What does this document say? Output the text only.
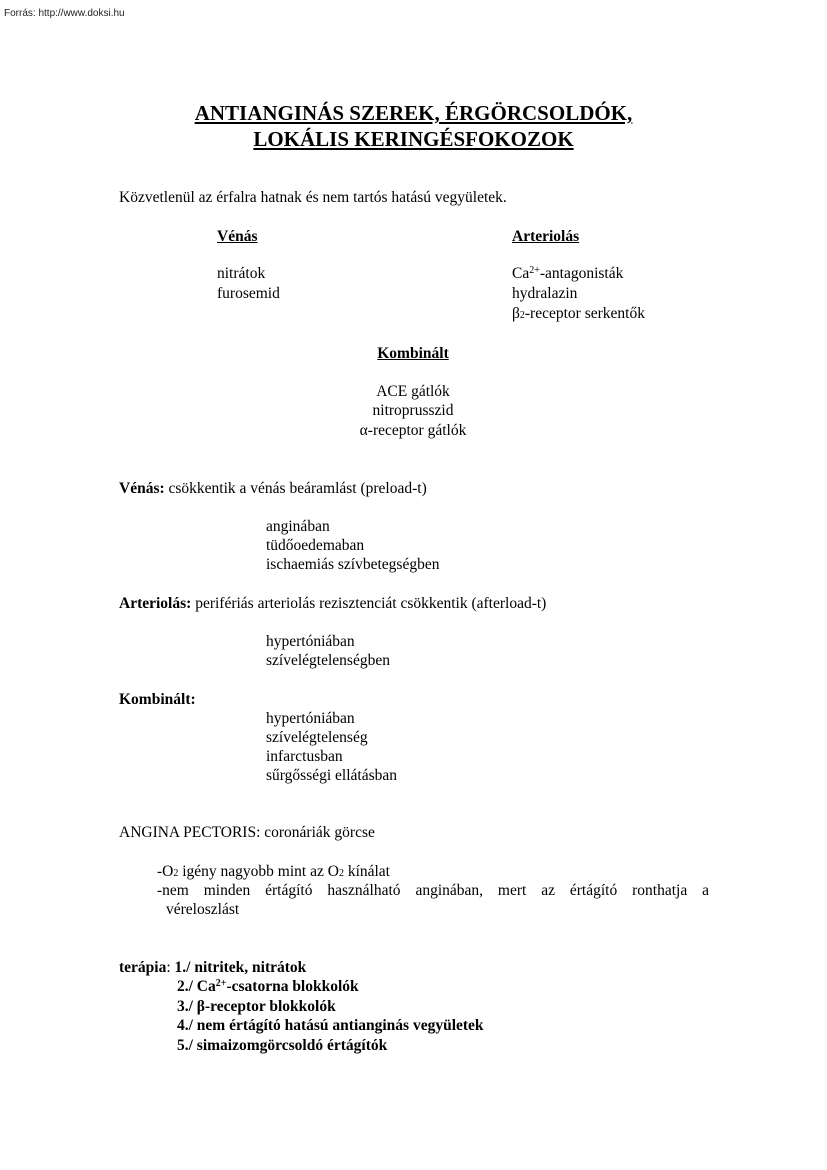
Forrás: http://www.doksi.hu
ANTIANGINÁS SZEREK, ÉRGÖRCSOLDÓK,
LOKÁLIS KERINGÉSFOKOZOK
Közvetlenül az érfalra hatnak és nem tartós hatású vegyületek.
Vénás
nitrátok
furosemid
Arteriolás
$Ca^{2+}$-antagonisták
hydralazin
$\beta_2$-receptor serkentők
Kombinált
ACE gátlók
nitroprusszid
α-receptor gátlók
Vénás: csökkentik a vénás beáramlást (preload-t)
anginában
tüdőoedemaban
ischaemiás szívbetegségben
Arteriolás: perifériás arteriolás rezisztenciát csökkentik (afterload-t)
hypertóniában
szívelégtelenségben
Kombinált:
hypertóniában
szívelégtelenség
infarctusban
sűrgősségi ellátásban
ANGINA PECTORIS: coronáriák görcse
$-O_2$ igény nagyobb mint az $O_2$ kínálat
-nem minden értágító használható anginában, mert az értágító ronthatja a
véreloszlást
terápia: 1./ nitritek, nitrátok
2./ $Ca^{2+}$-csatorna blokkolók
3./ β-receptor blokkolók
4./ nem értágító hatású antianginás vegyületek
5./ simaizomgörcsoldó értágítók
